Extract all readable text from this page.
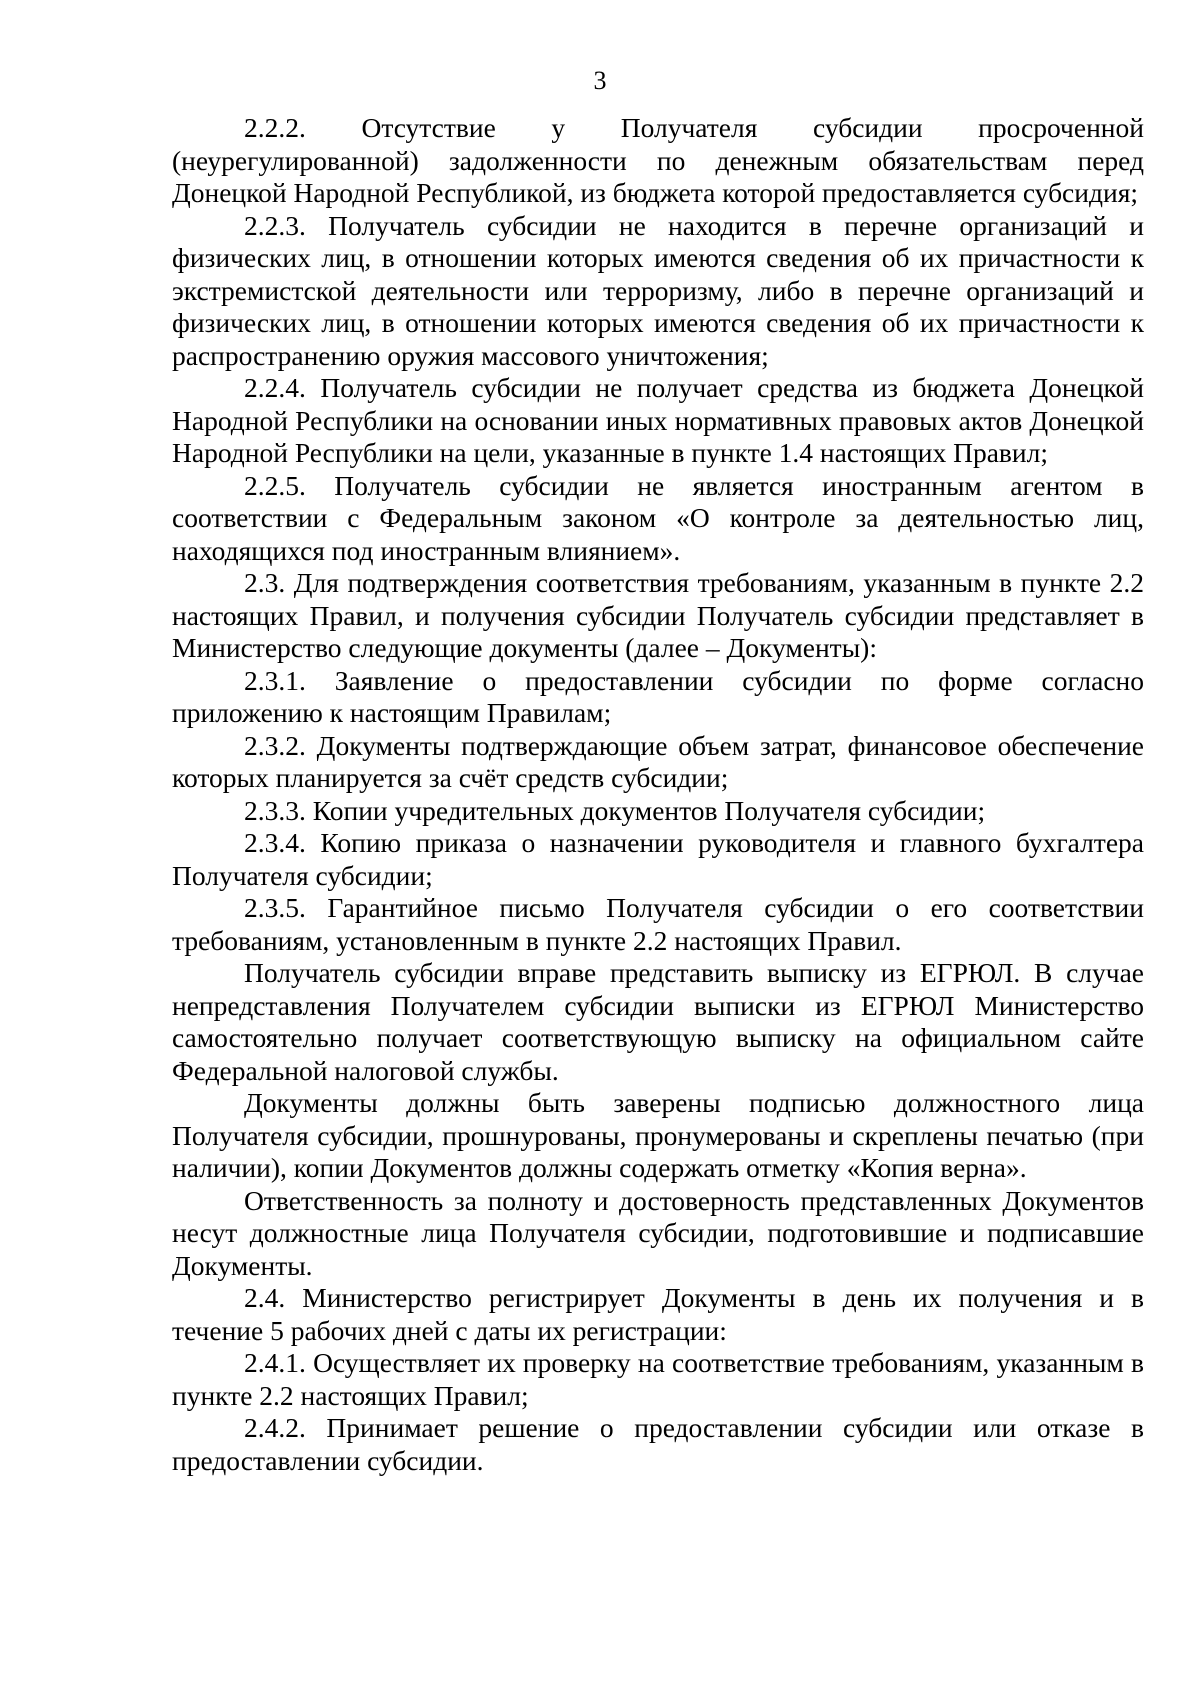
3

2.2.2. Отсутствие у Получателя субсидии просроченной (неурегулированной) задолженности по денежным обязательствам перед Донецкой Народной Республикой, из бюджета которой предоставляется субсидия;

2.2.3. Получатель субсидии не находится в перечне организаций и физических лиц, в отношении которых имеются сведения об их причастности к экстремистской деятельности или терроризму, либо в перечне организаций и физических лиц, в отношении которых имеются сведения об их причастности к распространению оружия массового уничтожения;

2.2.4. Получатель субсидии не получает средства из бюджета Донецкой Народной Республики на основании иных нормативных правовых актов Донецкой Народной Республики на цели, указанные в пункте 1.4 настоящих Правил;

2.2.5. Получатель субсидии не является иностранным агентом в соответствии с Федеральным законом «О контроле за деятельностью лиц, находящихся под иностранным влиянием».

2.3. Для подтверждения соответствия требованиям, указанным в пункте 2.2 настоящих Правил, и получения субсидии Получатель субсидии представляет в Министерство следующие документы (далее – Документы):

2.3.1. Заявление о предоставлении субсидии по форме согласно приложению к настоящим Правилам;

2.3.2. Документы подтверждающие объем затрат, финансовое обеспечение которых планируется за счёт средств субсидии;

2.3.3. Копии учредительных документов Получателя субсидии;

2.3.4. Копию приказа о назначении руководителя и главного бухгалтера Получателя субсидии;

2.3.5. Гарантийное письмо Получателя субсидии о его соответствии требованиям, установленным в пункте 2.2 настоящих Правил.

Получатель субсидии вправе представить выписку из ЕГРЮЛ. В случае непредставления Получателем субсидии выписки из ЕГРЮЛ Министерство самостоятельно получает соответствующую выписку на официальном сайте Федеральной налоговой службы.

Документы должны быть заверены подписью должностного лица Получателя субсидии, прошнурованы, пронумерованы и скреплены печатью (при наличии), копии Документов должны содержать отметку «Копия верна».

Ответственность за полноту и достоверность представленных Документов несут должностные лица Получателя субсидии, подготовившие и подписавшие Документы.

2.4. Министерство регистрирует Документы в день их получения и в течение 5 рабочих дней с даты их регистрации:

2.4.1. Осуществляет их проверку на соответствие требованиям, указанным в пункте 2.2 настоящих Правил;

2.4.2. Принимает решение о предоставлении субсидии или отказе в предоставлении субсидии.
